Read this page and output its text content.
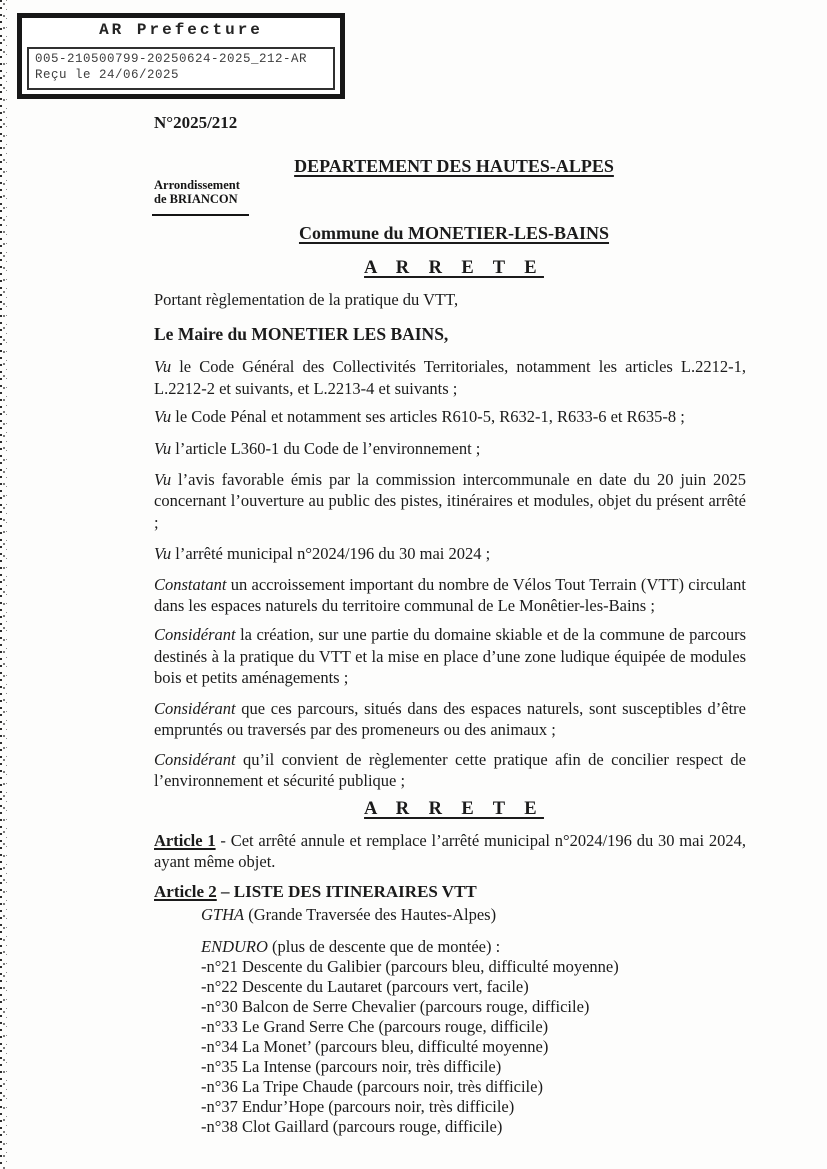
AR Prefecture
005-210500799-20250624-2025_212-AR
Reçu le 24/06/2025
N°2025/212
DEPARTEMENT DES HAUTES-ALPES
Arrondissement
de BRIANCON
Commune du MONETIER-LES-BAINS
A R R E T E

Portant règlementation de la pratique du VTT,

Le Maire du MONETIER LES BAINS,

Vu le Code Général des Collectivités Territoriales, notamment les articles L.2212-1, L.2212-2 et suivants, et L.2213-4 et suivants ;

Vu le Code Pénal et notamment ses articles R610-5, R632-1, R633-6 et R635-8 ;

Vu l’article L360-1 du Code de l’environnement ;

Vu l’avis favorable émis par la commission intercommunale en date du 20 juin 2025 concernant l’ouverture au public des pistes, itinéraires et modules, objet du présent arrêté ;

Vu l’arrêté municipal n°2024/196 du 30 mai 2024 ;

Constatant un accroissement important du nombre de Vélos Tout Terrain (VTT) circulant dans les espaces naturels du territoire communal de Le Monêtier-les-Bains ;

Considérant la création, sur une partie du domaine skiable et de la commune de parcours destinés à la pratique du VTT et la mise en place d’une zone ludique équipée de modules bois et petits aménagements ;

Considérant que ces parcours, situés dans des espaces naturels, sont susceptibles d’être empruntés ou traversés par des promeneurs ou des animaux ;

Considérant qu’il convient de règlementer cette pratique afin de concilier respect de l’environnement et sécurité publique ;

A R R E T E

Article 1 - Cet arrêté annule et remplace l’arrêté municipal n°2024/196 du 30 mai 2024, ayant même objet.

Article 2 – LISTE DES ITINERAIRES VTT

GTHA (Grande Traversée des Hautes-Alpes)

ENDURO (plus de descente que de montée) :

-n°21 Descente du Galibier (parcours bleu, difficulté moyenne)
-n°22 Descente du Lautaret (parcours vert, facile)
-n°30 Balcon de Serre Chevalier (parcours rouge, difficile)
-n°33 Le Grand Serre Che (parcours rouge, difficile)
-n°34 La Monet’ (parcours bleu, difficulté moyenne)
-n°35 La Intense (parcours noir, très difficile)
-n°36 La Tripe Chaude (parcours noir, très difficile)
-n°37 Endur’Hope (parcours noir, très difficile)
-n°38 Clot Gaillard (parcours rouge, difficile)
